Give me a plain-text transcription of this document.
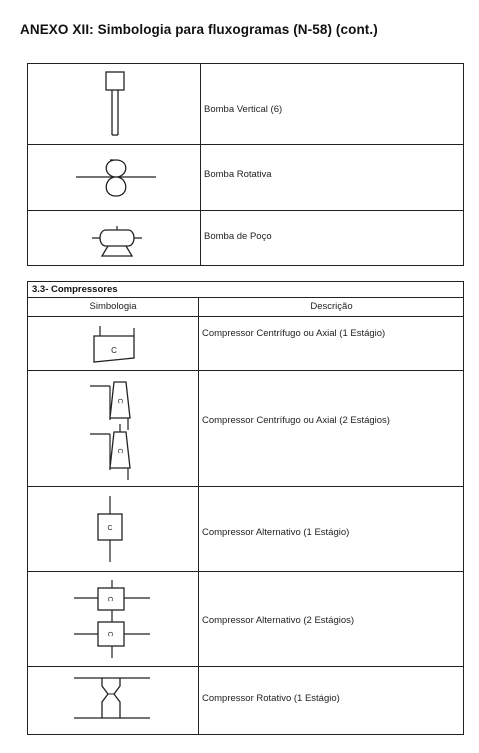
ANEXO XII: Simbologia para fluxogramas (N-58) (cont.)
Bomba Vertical (6)
Bomba Rotativa
Bomba de Poço
3.3- Compressores
Simbologia	Descrição
C
Compressor Centrífugo ou Axial (1 Estágio)
C
C
Compressor Centrífugo ou Axial (2 Estágios)
C	Compressor Alternativo (1 Estágio)
C
C
Compressor Alternativo (2 Estágios)
Compressor Rotativo (1 Estágio)
